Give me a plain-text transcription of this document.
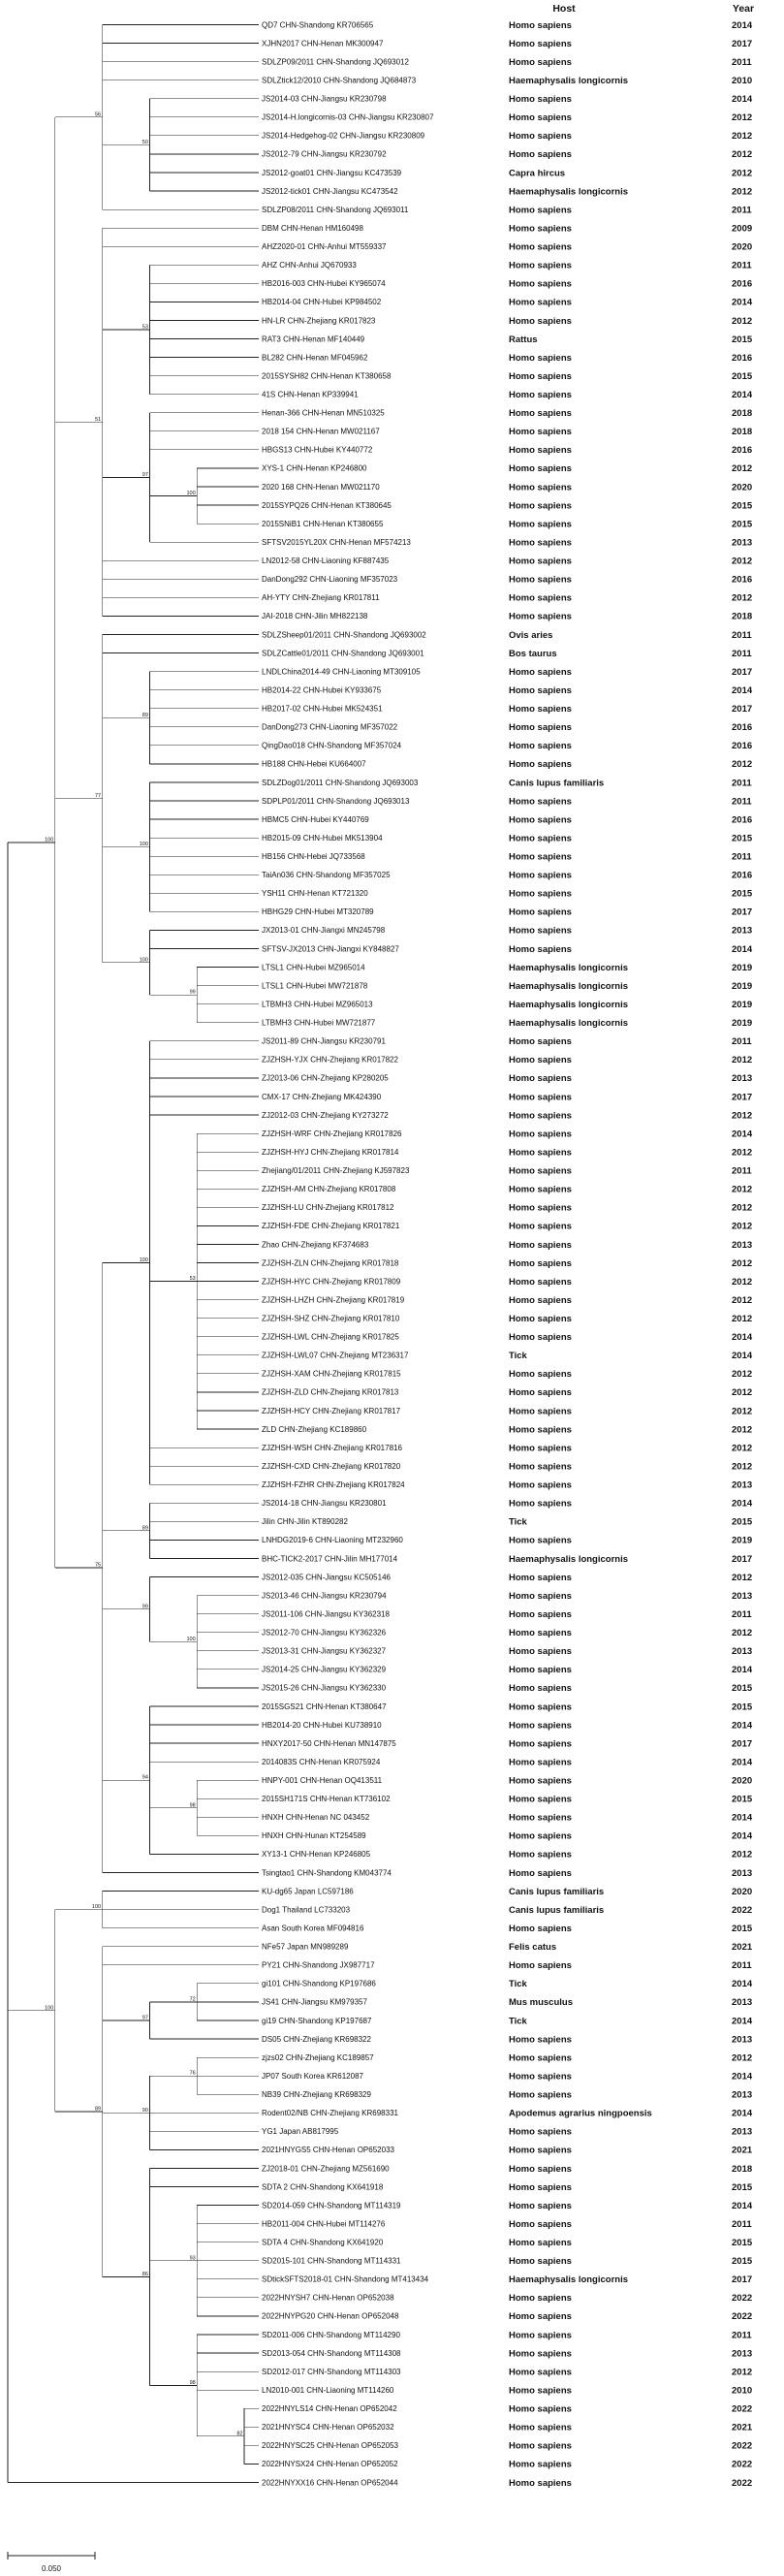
100
75
100
89
100
51
77
53
86
56
94
53
97
100
98
99
93
50
89
100
100
90
100
99
89
98
97
82
100
72
76
QD7 CHN-Shandong KR706565
XJHN2017 CHN-Henan MK300947
SDLZP09/2011 CHN-Shandong JQ693012
SDLZtick12/2010 CHN-Shandong JQ684873
JS2014-03 CHN-Jiangsu KR230798
JS2014-H.longicornis-03 CHN-Jiangsu KR230807
JS2014-Hedgehog-02 CHN-Jiangsu KR230809
JS2012-79 CHN-Jiangsu KR230792
JS2012-goat01 CHN-Jiangsu KC473539
JS2012-tick01 CHN-Jiangsu KC473542
SDLZP08/2011 CHN-Shandong JQ693011
DBM CHN-Henan HM160498
AHZ2020-01 CHN-Anhui MT559337
AHZ CHN-Anhui JQ670933
HB2016-003 CHN-Hubei KY965074
HB2014-04 CHN-Hubei KP984502
HN-LR CHN-Zhejiang KR017823
RAT3 CHN-Henan MF140449
BL282 CHN-Henan MF045962
2015SYSH82 CHN-Henan KT380658
41S CHN-Henan KP339941
Henan-366 CHN-Henan MN510325
2018 154 CHN-Henan MW021167
HBGS13 CHN-Hubei KY440772
XYS-1 CHN-Henan KP246800
2020 168 CHN-Henan MW021170
2015SYPQ26 CHN-Henan KT380645
2015SNiB1 CHN-Henan KT380655
SFTSV2015YL20X CHN-Henan MF574213
LN2012-58 CHN-Liaoning KF887435
DanDong292 CHN-Liaoning MF357023
AH-YTY CHN-Zhejiang KR017811
JAI-2018 CHN-Jilin MH822138
SDLZSheep01/2011 CHN-Shandong JQ693002
SDLZCattle01/2011 CHN-Shandong JQ693001
LNDLChina2014-49 CHN-Liaoning MT309105
HB2014-22 CHN-Hubei KY933675
HB2017-02 CHN-Hubei MK524351
DanDong273 CHN-Liaoning MF357022
QingDao018 CHN-Shandong MF357024
HB188 CHN-Hebei KU664007
SDLZDog01/2011 CHN-Shandong JQ693003
SDPLP01/2011 CHN-Shandong JQ693013
HBMC5 CHN-Hubei KY440769
HB2015-09 CHN-Hubei MK513904
HB156 CHN-Hebei JQ733568
TaiAn036 CHN-Shandong MF357025
YSH11 CHN-Henan KT721320
HBHG29 CHN-Hubei MT320789
JX2013-01 CHN-Jiangxi MN245798
SFTSV-JX2013 CHN-Jiangxi KY848827
LTSL1 CHN-Hubei MZ965014
LTSL1 CHN-Hubei MW721878
LTBMH3 CHN-Hubei MZ965013
LTBMH3 CHN-Hubei MW721877
JS2011-89 CHN-Jiangsu KR230791
ZJZHSH-YJX CHN-Zhejiang KR017822
ZJ2013-06 CHN-Zhejiang KP280205
CMX-17 CHN-Zhejiang MK424390
ZJ2012-03 CHN-Zhejiang KY273272
ZJZHSH-WRF CHN-Zhejiang KR017826
ZJZHSH-HYJ CHN-Zhejiang KR017814
Zhejiang/01/2011 CHN-Zhejiang KJ597823
ZJZHSH-AM CHN-Zhejiang KR017808
ZJZHSH-LU CHN-Zhejiang KR017812
ZJZHSH-FDE CHN-Zhejiang KR017821
Zhao CHN-Zhejiang KF374683
ZJZHSH-ZLN CHN-Zhejiang KR017818
ZJZHSH-HYC CHN-Zhejiang KR017809
ZJZHSH-LHZH CHN-Zhejiang KR017819
ZJZHSH-SHZ CHN-Zhejiang KR017810
ZJZHSH-LWL CHN-Zhejiang KR017825
ZJZHSH-LWL07 CHN-Zhejiang MT236317
ZJZHSH-XAM CHN-Zhejiang KR017815
ZJZHSH-ZLD CHN-Zhejiang KR017813
ZJZHSH-HCY CHN-Zhejiang KR017817
ZLD CHN-Zhejiang KC189860
ZJZHSH-WSH CHN-Zhejiang KR017816
ZJZHSH-CXD CHN-Zhejiang KR017820
ZJZHSH-FZHR CHN-Zhejiang KR017824
JS2014-18 CHN-Jiangsu KR230801
Jilin CHN-Jilin KT890282
LNHDG2019-6 CHN-Liaoning MT232960
BHC-TICK2-2017 CHN-Jilin MH177014
JS2012-035 CHN-Jiangsu KC505146
JS2013-46 CHN-Jiangsu KR230794
JS2011-106 CHN-Jiangsu KY362318
JS2012-70 CHN-Jiangsu KY362326
JS2013-31 CHN-Jiangsu KY362327
JS2014-25 CHN-Jiangsu KY362329
JS2015-26 CHN-Jiangsu KY362330
2015SGS21 CHN-Henan KT380647
HB2014-20 CHN-Hubei KU738910
HNXY2017-50 CHN-Henan MN147875
2014083S CHN-Henan KR075924
HNPY-001 CHN-Henan OQ413511
2015SH171S CHN-Henan KT736102
HNXH CHN-Henan NC 043452
HNXH CHN-Hunan KT254589
XY13-1 CHN-Henan KP246805
Tsingtao1 CHN-Shandong KM043774
KU-dg65 Japan LC597186
Dog1 Thailand LC733203
Asan South Korea MF094816
NFe57 Japan MN989289
PY21 CHN-Shandong JX987717
gi101 CHN-Shandong KP197686
JS41 CHN-Jiangsu KM979357
gi19 CHN-Shandong KP197687
DS05 CHN-Zhejiang KR698322
zjzs02 CHN-Zhejiang KC189857
JP07 South Korea KR612087
NB39 CHN-Zhejiang KR698329
Rodent02/NB CHN-Zhejiang KR698331
YG1 Japan AB817995
2021HNYGS5 CHN-Henan OP652033
ZJ2018-01 CHN-Zhejiang MZ561690
SDTA 2 CHN-Shandong KX641918
SD2014-059 CHN-Shandong MT114319
HB2011-004 CHN-Hubei MT114276
SDTA 4 CHN-Shandong KX641920
SD2015-101 CHN-Shandong MT114331
SDtickSFTS2018-01 CHN-Shandong MT413434
2022HNYSH7 CHN-Henan OP652038
2022HNYPG20 CHN-Henan OP652048
SD2011-006 CHN-Shandong MT114290
SD2013-054 CHN-Shandong MT114308
SD2012-017 CHN-Shandong MT114303
LN2010-001 CHN-Liaoning MT114260
2022HNYLS14 CHN-Henan OP652042
2021HNYSC4 CHN-Henan OP652032
2022HNYSC25 CHN-Henan OP652053
2022HNYSX24 CHN-Henan OP652052
2022HNYXX16 CHN-Henan OP652044
Homo sapiens
Homo sapiens
Homo sapiens
Haemaphysalis longicornis
Homo sapiens
Homo sapiens
Homo sapiens
Homo sapiens
Capra hircus
Haemaphysalis longicornis
Homo sapiens
Homo sapiens
Homo sapiens
Homo sapiens
Homo sapiens
Homo sapiens
Homo sapiens
Rattus
Homo sapiens
Homo sapiens
Homo sapiens
Homo sapiens
Homo sapiens
Homo sapiens
Homo sapiens
Homo sapiens
Homo sapiens
Homo sapiens
Homo sapiens
Homo sapiens
Homo sapiens
Homo sapiens
Homo sapiens
Ovis aries
Bos taurus
Homo sapiens
Homo sapiens
Homo sapiens
Homo sapiens
Homo sapiens
Homo sapiens
Canis lupus familiaris
Homo sapiens
Homo sapiens
Homo sapiens
Homo sapiens
Homo sapiens
Homo sapiens
Homo sapiens
Homo sapiens
Homo sapiens
Haemaphysalis longicornis
Haemaphysalis longicornis
Haemaphysalis longicornis
Haemaphysalis longicornis
Homo sapiens
Homo sapiens
Homo sapiens
Homo sapiens
Homo sapiens
Homo sapiens
Homo sapiens
Homo sapiens
Homo sapiens
Homo sapiens
Homo sapiens
Homo sapiens
Homo sapiens
Homo sapiens
Homo sapiens
Homo sapiens
Homo sapiens
Tick
Homo sapiens
Homo sapiens
Homo sapiens
Homo sapiens
Homo sapiens
Homo sapiens
Homo sapiens
Homo sapiens
Tick
Homo sapiens
Haemaphysalis longicornis
Homo sapiens
Homo sapiens
Homo sapiens
Homo sapiens
Homo sapiens
Homo sapiens
Homo sapiens
Homo sapiens
Homo sapiens
Homo sapiens
Homo sapiens
Homo sapiens
Homo sapiens
Homo sapiens
Homo sapiens
Homo sapiens
Homo sapiens
Canis lupus familiaris
Canis lupus familiaris
Homo sapiens
Felis catus
Homo sapiens
Tick
Mus musculus
Tick
Homo sapiens
Homo sapiens
Homo sapiens
Homo sapiens
Apodemus agrarius ningpoensis
Homo sapiens
Homo sapiens
Homo sapiens
Homo sapiens
Homo sapiens
Homo sapiens
Homo sapiens
Homo sapiens
Haemaphysalis longicornis
Homo sapiens
Homo sapiens
Homo sapiens
Homo sapiens
Homo sapiens
Homo sapiens
Homo sapiens
Homo sapiens
Homo sapiens
Homo sapiens
Homo sapiens
2014
2017
2011
2010
2014
2012
2012
2012
2012
2012
2011
2009
2020
2011
2016
2014
2012
2015
2016
2015
2014
2018
2018
2016
2012
2020
2015
2015
2013
2012
2016
2012
2018
2011
2011
2017
2014
2017
2016
2016
2012
2011
2011
2016
2015
2011
2016
2015
2017
2013
2014
2019
2019
2019
2019
2011
2012
2013
2017
2012
2014
2012
2011
2012
2012
2012
2013
2012
2012
2012
2012
2014
2014
2012
2012
2012
2012
2012
2012
2013
2014
2015
2019
2017
2012
2013
2011
2012
2013
2014
2015
2015
2014
2017
2014
2020
2015
2014
2014
2012
2013
2020
2022
2015
2021
2011
2014
2013
2014
2013
2012
2014
2013
2014
2013
2021
2018
2015
2014
2011
2015
2015
2017
2022
2022
2011
2013
2012
2010
2022
2021
2022
2022
2022
Host	Year
0.050
